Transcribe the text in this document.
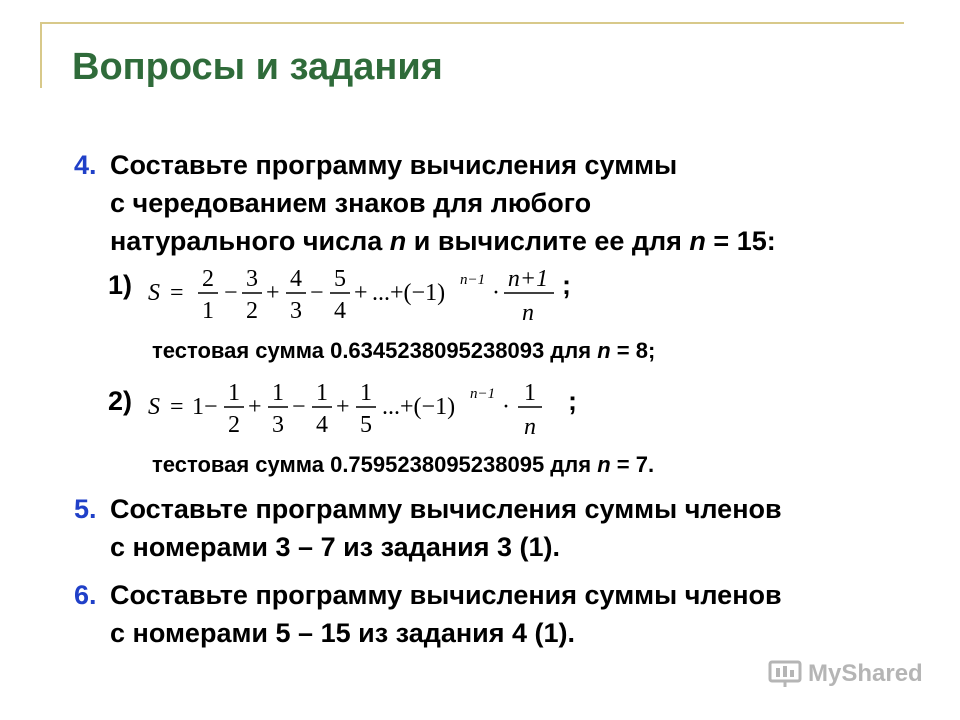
Вопросы и задания
4. Составьте программу вычисления суммы
с чередованием знаков для любого
натурального числа n и вычислите ее для n = 15:
1) S =
2
1
−
3
2
+
4
3
−
5
4
+ ...+(−1) n−1 ·
n+1
n
;
тестовая сумма 0.6345238095238093 для n = 8;
2) S = 1 −
1
2
+
1
3
−
1
4
+
1
5
...+(−1) n−1 ·
1
n
;
тестовая сумма 0.7595238095238095 для n = 7.
5. Составьте программу вычисления суммы членов
с номерами 3 – 7 из задания 3 (1).
6. Составьте программу вычисления суммы членов
с номерами 5 – 15 из задания 4 (1).
MyShared
